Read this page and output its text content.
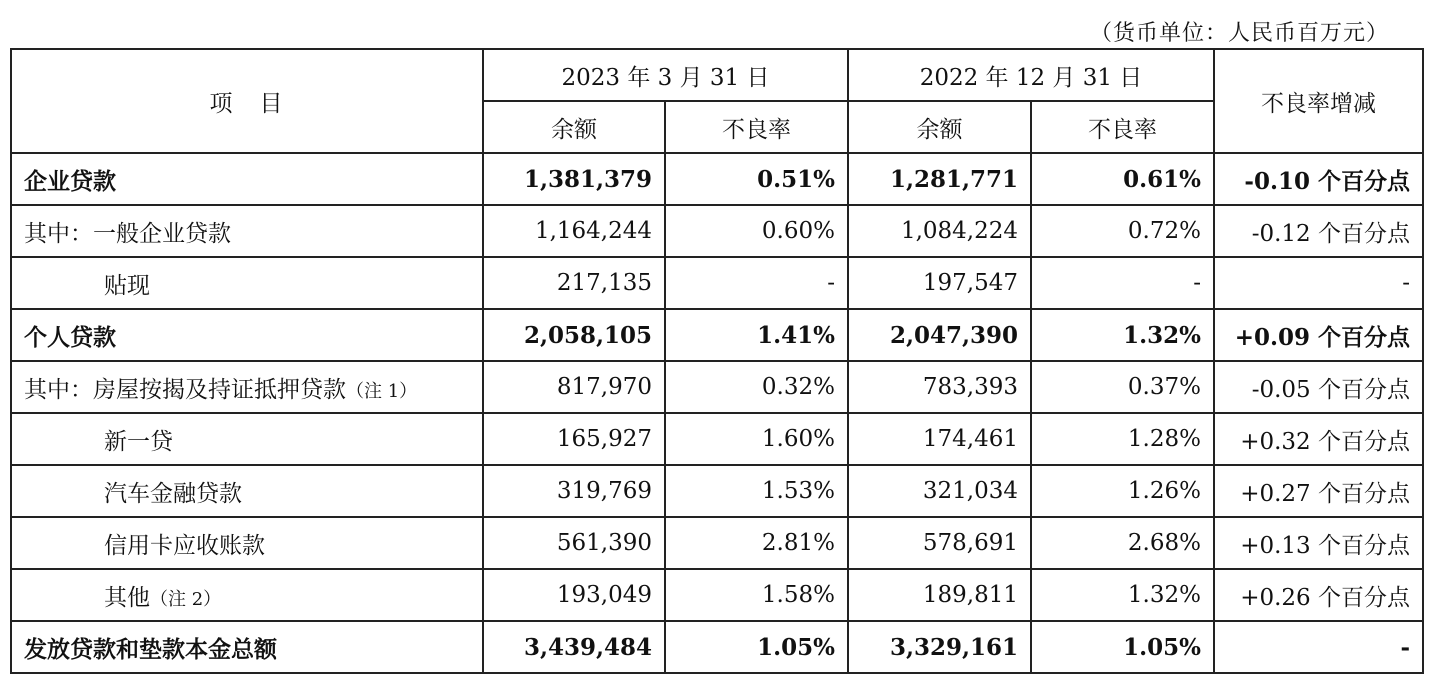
（货币单位：人民币百万元）
项　目	2023 年 3 月 31 日		2022 年 12 月 31 日		不良率增减
	余额	不良率	余额	不良率	
企业贷款	1,381,379	0.51%	1,281,771	0.61%	-0.10 个百分点
其中：一般企业贷款	1,164,244	0.60%	1,084,224	0.72%	-0.12 个百分点
贴现	217,135	-	197,547	-	-
个人贷款	2,058,105	1.41%	2,047,390	1.32%	+0.09 个百分点
其中：房屋按揭及持证抵押贷款（注 1）	817,970	0.32%	783,393	0.37%	-0.05 个百分点
新一贷	165,927	1.60%	174,461	1.28%	+0.32 个百分点
汽车金融贷款	319,769	1.53%	321,034	1.26%	+0.27 个百分点
信用卡应收账款	561,390	2.81%	578,691	2.68%	+0.13 个百分点
其他（注 2）	193,049	1.58%	189,811	1.32%	+0.26 个百分点
发放贷款和垫款本金总额	3,439,484	1.05%	3,329,161	1.05%	-
